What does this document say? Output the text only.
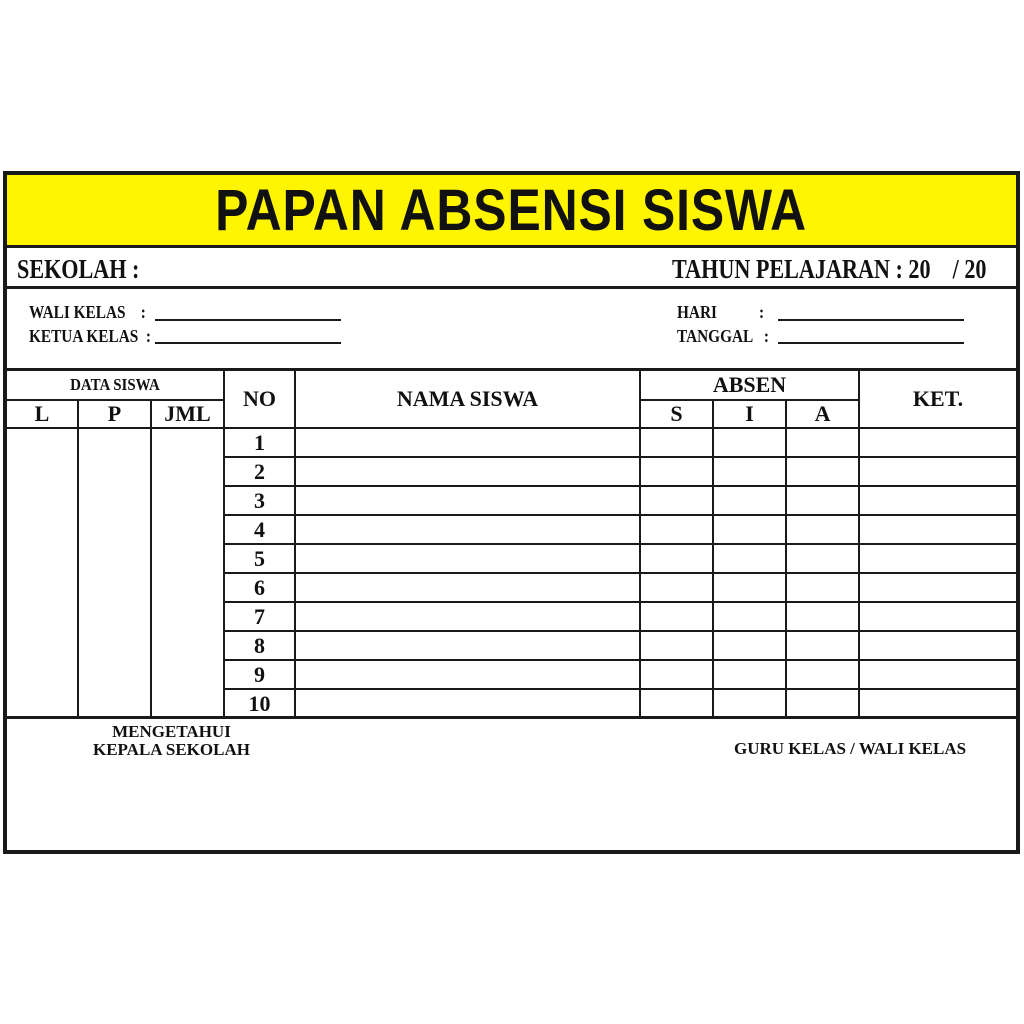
PAPAN ABSENSI SISWA
SEKOLAH :	TAHUN PELAJARAN : 20    / 20
WALI KELAS    :
KETUA KELAS  :
HARI           :
TANGGAL   :
DATA SISWA			NO	NAMA SISWA	ABSEN			KET.
L	P	JML			S	I	A	
			1					
			2					
			3					
			4					
			5					
			6					
			7					
			8					
			9					
			10					
MENGETAHUI
KEPALA SEKOLAH	GURU KELAS / WALI KELAS
